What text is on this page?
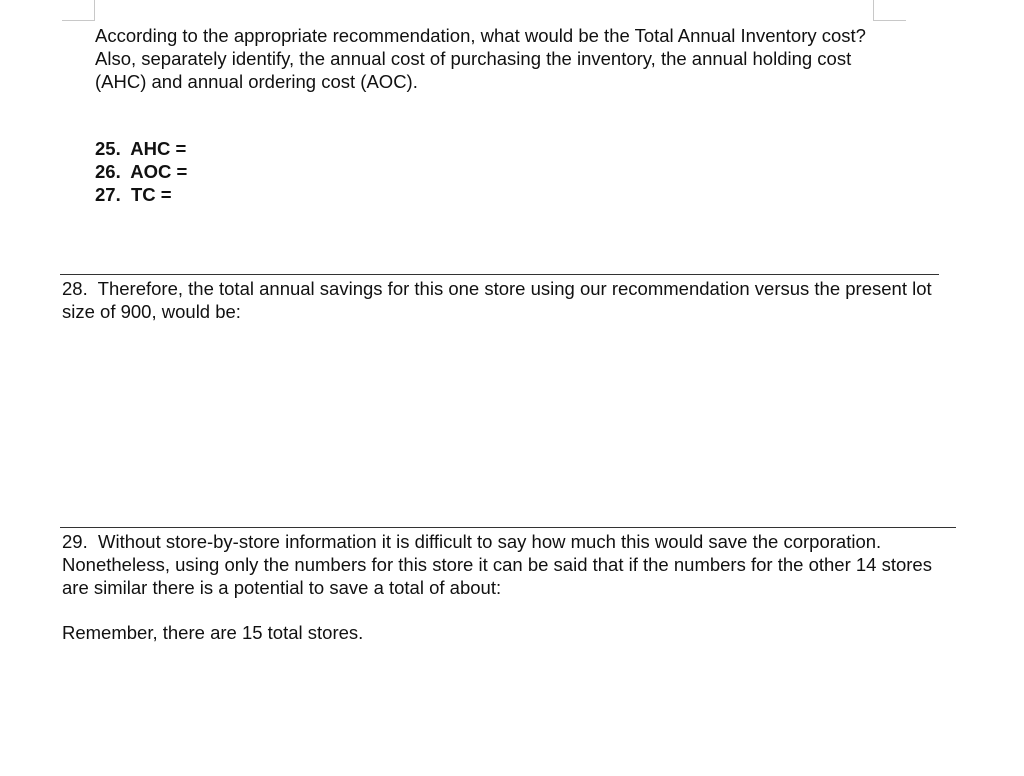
According to the appropriate recommendation, what would be the Total Annual Inventory cost?  Also, separately identify, the annual cost of purchasing the inventory, the annual holding cost (AHC) and annual ordering cost (AOC).

25.  AHC =
26.  AOC =
27.  TC =

28.  Therefore, the total annual savings for this one store using our recommendation versus the present lot size of 900, would be:

29.  Without store-by-store information it is difficult to say how much this would save the corporation.  Nonetheless, using only the numbers for this store it can be said that if the numbers for the other 14 stores are similar there is a potential to save a total of about:

Remember, there are 15 total stores.
